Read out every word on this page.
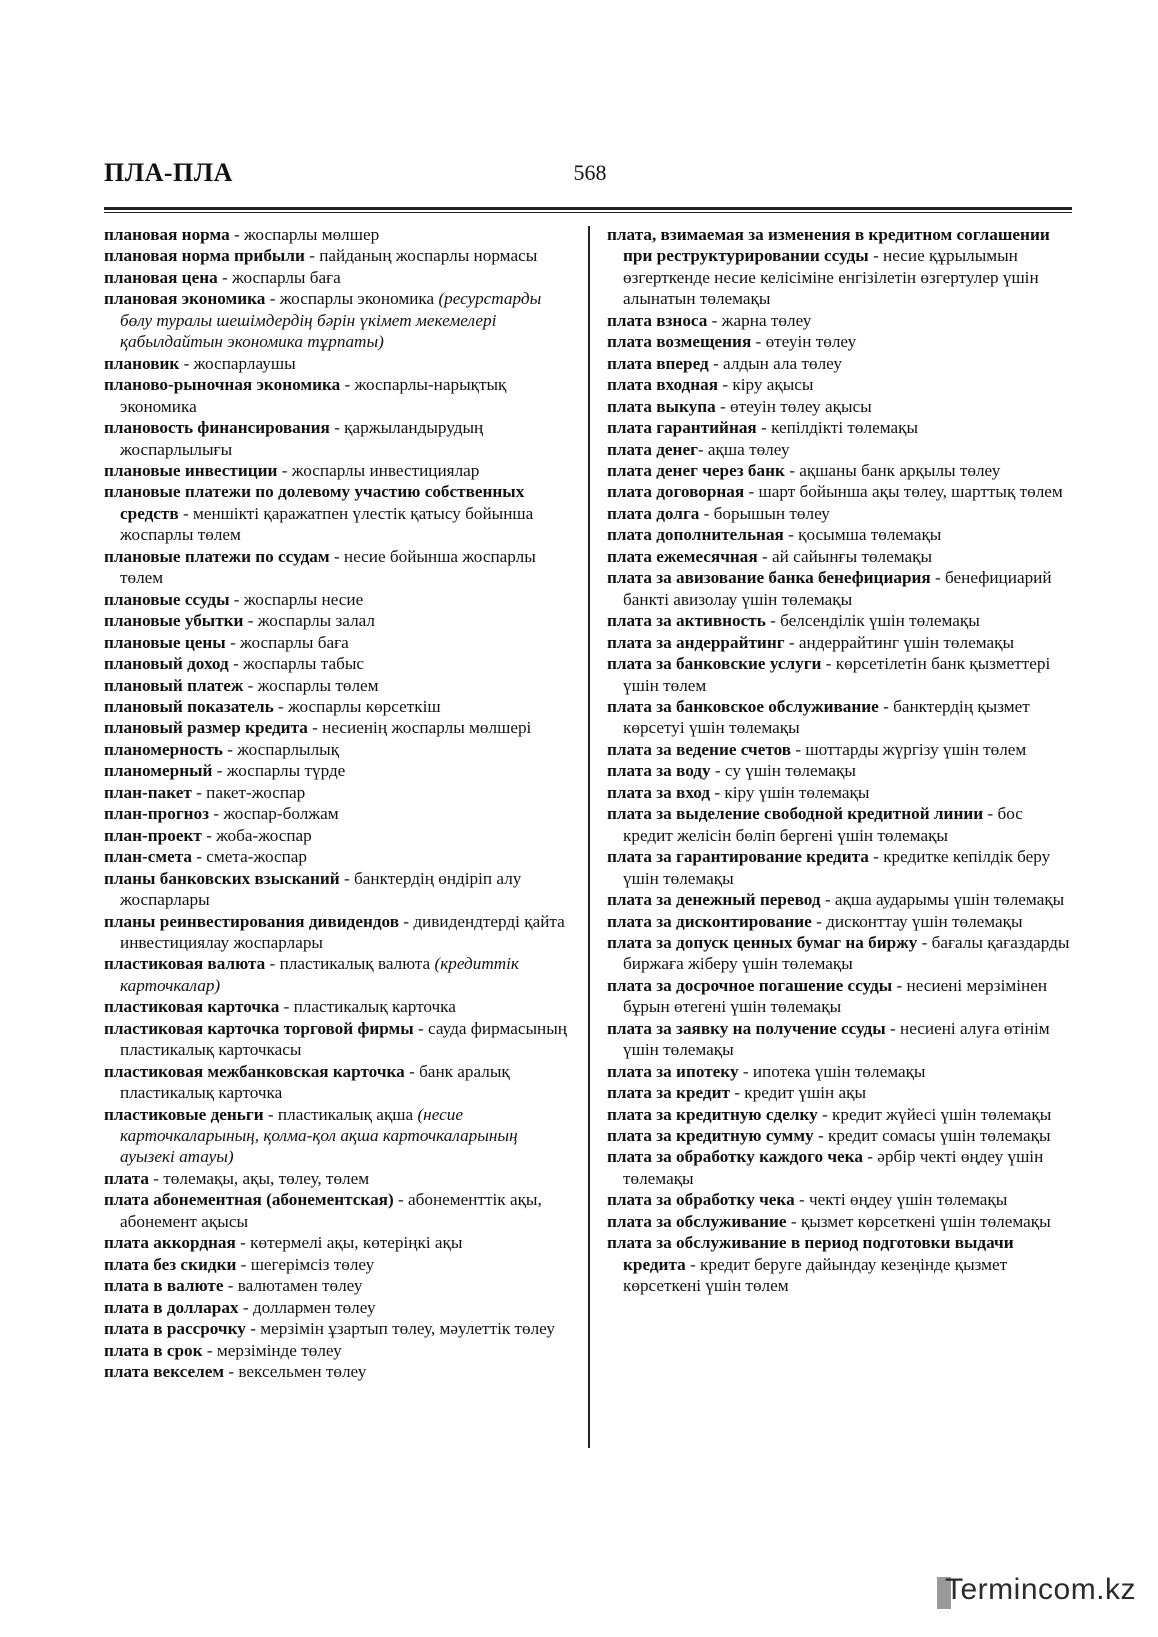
ПЛА-ПЛА	568

плановая норма - жоспарлы мөлшер

плановая норма прибыли - пайданың жоспарлы нормасы

плановая цена - жоспарлы баға

плановая экономика - жоспарлы экономика (ресурстарды бөлу туралы шешімдердің бәрін үкімет мекемелері қабылдайтын экономика тұрпаты)

плановик - жоспарлаушы

планово-рыночная экономика - жоспарлы-нарықтық экономика

плановость финансирования - қаржыландырудың жоспарлылығы

плановые инвестиции - жоспарлы инвестициялар

плановые платежи по долевому участию собственных средств - меншікті қаражатпен үлестік қатысу бойынша жоспарлы төлем

плановые платежи по ссудам - несие бойынша жоспарлы төлем

плановые ссуды - жоспарлы несие

плановые убытки - жоспарлы залал

плановые цены - жоспарлы баға

плановый доход - жоспарлы табыс

плановый платеж - жоспарлы төлем

плановый показатель - жоспарлы көрсеткіш

плановый размер кредита - несиенің жоспарлы мөлшері

планомерность - жоспарлылық

планомерный - жоспарлы түрде

план-пакет - пакет-жоспар

план-прогноз - жоспар-болжам

план-проект - жоба-жоспар

план-смета - смета-жоспар

планы банковских взысканий - банктердің өндіріп алу жоспарлары

планы реинвестирования дивидендов - дивидендтерді қайта инвестициялау жоспарлары

пластиковая валюта - пластикалық валюта (кредиттік карточкалар)

пластиковая карточка - пластикалық карточка

пластиковая карточка торговой фирмы - сауда фирмасының пластикалық карточкасы

пластиковая межбанковская карточка - банк аралық пластикалық карточка

пластиковые деньги - пластикалық ақша (несие карточкаларының, қолма-қол ақша карточкаларының ауызекі атауы)

плата - төлемақы, ақы, төлеу, төлем

плата абонементная (абонементская) - абонементтік ақы, абонемент ақысы

плата аккордная - көтермелі ақы, көтеріңкі ақы

плата без скидки - шегерімсіз төлеу

плата в валюте - валютамен төлеу

плата в долларах - доллармен төлеу

плата в рассрочку - мерзімін ұзартып төлеу, мәулеттік төлеу

плата в срок - мерзімінде төлеу

плата векселем - вексельмен төлеу

плата, взимаемая за изменения в кредитном соглашении при реструктурировании ссуды - несие құрылымын өзгерткенде несие келісіміне енгізілетін өзгертулер үшін алынатын төлемақы

плата взноса - жарна төлеу

плата возмещения - өтеуін төлеу

плата вперед - алдын ала төлеу

плата входная - кіру ақысы

плата выкупа - өтеуін төлеу ақысы

плата гарантийная - кепілдікті төлемақы

плата денег- ақша төлеу

плата денег через банк - ақшаны банк арқылы төлеу

плата договорная - шарт бойынша ақы төлеу, шарттық төлем

плата долга - борышын төлеу

плата дополнительная - қосымша төлемақы

плата ежемесячная - ай сайынғы төлемақы

плата за авизование банка бенефициария - бенефициарий банкті авизолау үшін төлемақы

плата за активность - белсенділік үшін төлемақы

плата за андеррайтинг - андеррайтинг үшін төлемақы

плата за банковские услуги - көрсетілетін банк қызметтері үшін төлем

плата за банковское обслуживание - банктердің қызмет көрсетуі үшін төлемақы

плата за ведение счетов - шоттарды жүргізу үшін төлем

плата за воду - су үшін төлемақы

плата за вход - кіру үшін төлемақы

плата за выделение свободной кредитной линии - бос кредит желісін бөліп бергені үшін төлемақы

плата за гарантирование кредита - кредитке кепілдік беру үшін төлемақы

плата за денежный перевод - ақша аударымы үшін төлемақы

плата за дисконтирование - дисконттау үшін төлемақы

плата за допуск ценных бумаг на биржу - бағалы қағаздарды биржаға жіберу үшін төлемақы

плата за досрочное погашение ссуды - несиені мерзімінен бұрын өтегені үшін төлемақы

плата за заявку на получение ссуды - несиені алуға өтінім үшін төлемақы

плата за ипотеку - ипотека үшін төлемақы

плата за кредит - кредит үшін ақы

плата за кредитную сделку - кредит жүйесі үшін төлемақы

плата за кредитную сумму - кредит сомасы үшін төлемақы

плата за обработку каждого чека - әрбір чекті өңдеу үшін төлемақы

плата за обработку чека - чекті өңдеу үшін төлемақы

плата за обслуживание - қызмет көрсеткені үшін төлемақы

плата за обслуживание в период подготовки выдачи кредита - кредит беруге дайындау кезеңінде қызмет көрсеткені үшін төлем

Termincom.kz
